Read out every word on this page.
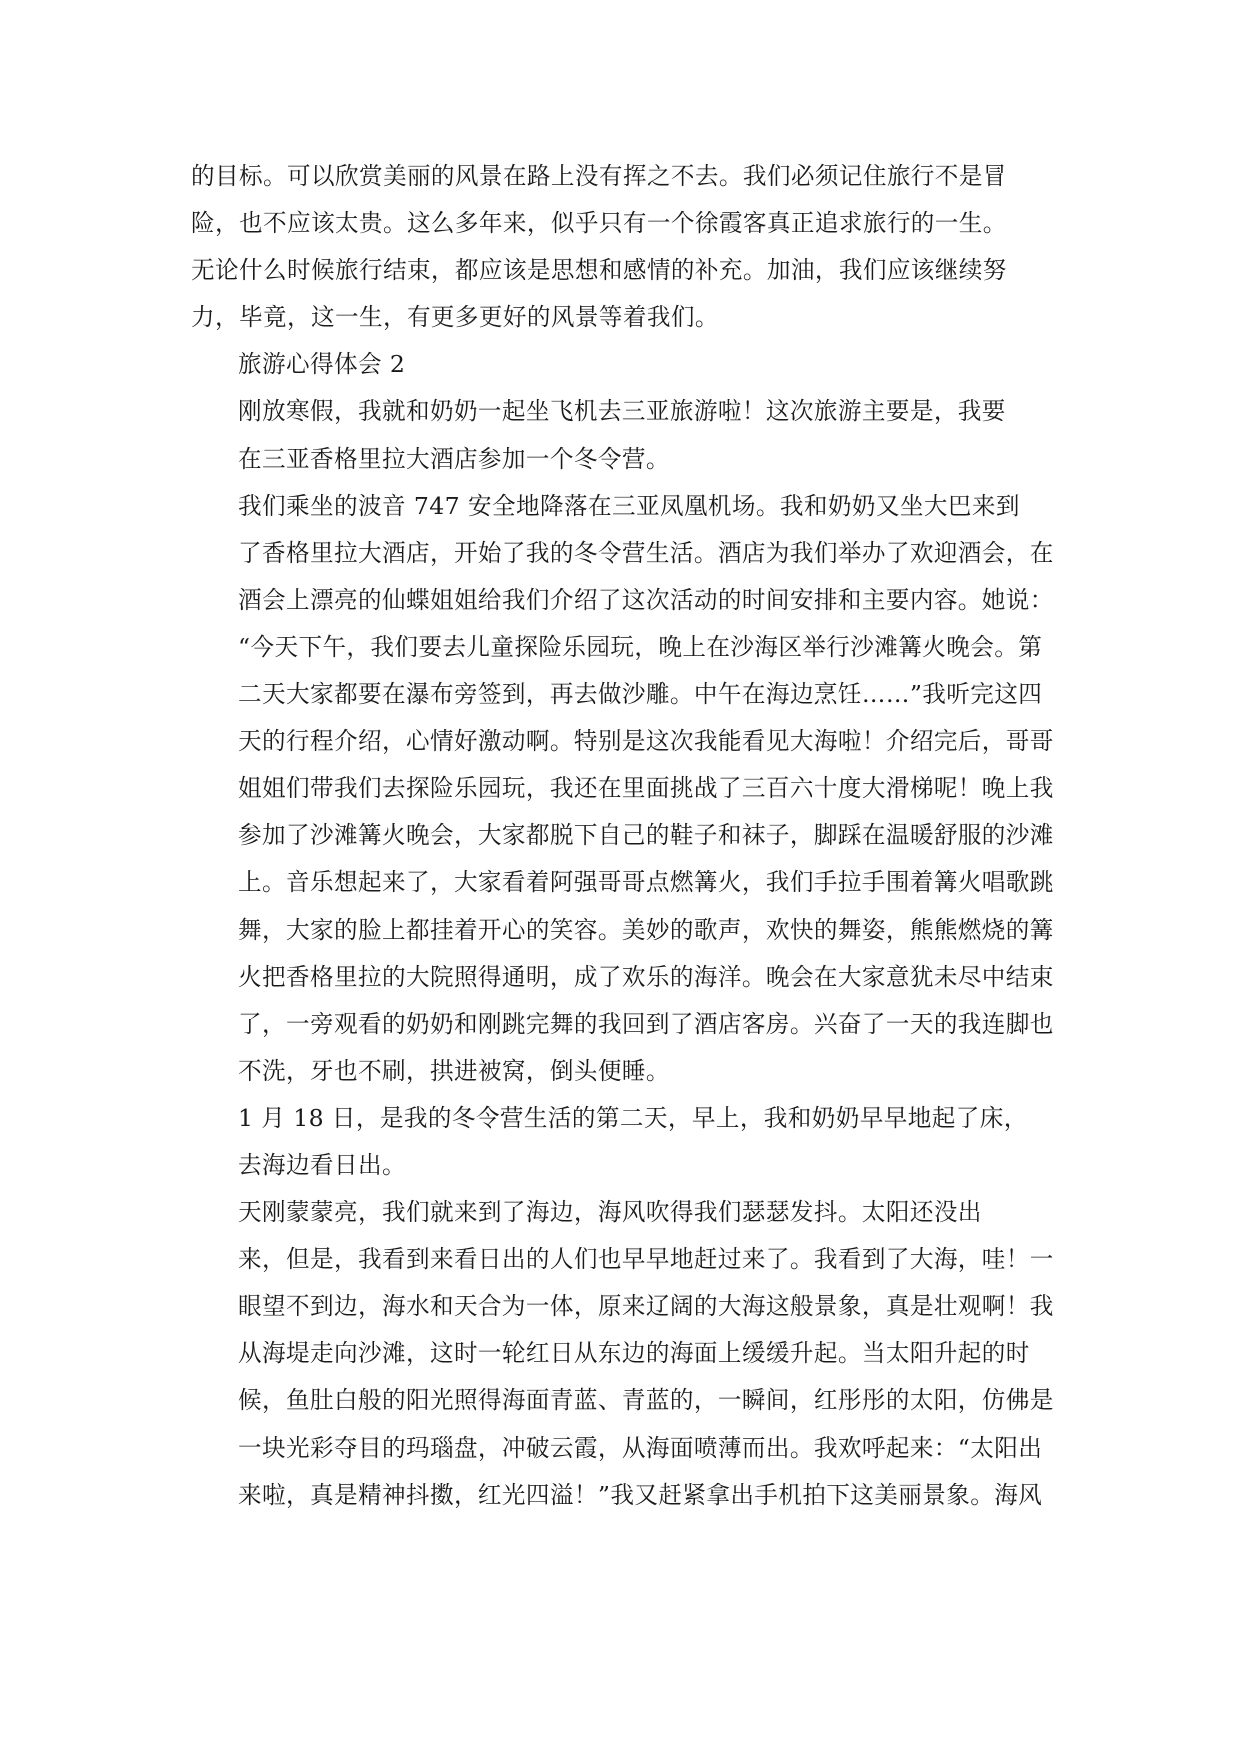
的目标。可以欣赏美丽的风景在路上没有挥之不去。我们必须记住旅行不是冒
险，也不应该太贵。这么多年来，似乎只有一个徐霞客真正追求旅行的一生。
无论什么时候旅行结束，都应该是思想和感情的补充。加油，我们应该继续努
力，毕竟，这一生，有更多更好的风景等着我们。

旅游心得体会 2

刚放寒假，我就和奶奶一起坐飞机去三亚旅游啦！这次旅游主要是，我要
在三亚香格里拉大酒店参加一个冬令营。

我们乘坐的波音 747 安全地降落在三亚凤凰机场。我和奶奶又坐大巴来到
了香格里拉大酒店，开始了我的冬令营生活。酒店为我们举办了欢迎酒会，在
酒会上漂亮的仙蝶姐姐给我们介绍了这次活动的时间安排和主要内容。她说：
“今天下午，我们要去儿童探险乐园玩，晚上在沙海区举行沙滩篝火晚会。第
二天大家都要在瀑布旁签到，再去做沙雕。中午在海边烹饪……”我听完这四
天的行程介绍，心情好激动啊。特别是这次我能看见大海啦！介绍完后，哥哥
姐姐们带我们去探险乐园玩，我还在里面挑战了三百六十度大滑梯呢！晚上我
参加了沙滩篝火晚会，大家都脱下自己的鞋子和袜子，脚踩在温暖舒服的沙滩
上。音乐想起来了，大家看着阿强哥哥点燃篝火，我们手拉手围着篝火唱歌跳
舞，大家的脸上都挂着开心的笑容。美妙的歌声，欢快的舞姿，熊熊燃烧的篝
火把香格里拉的大院照得通明，成了欢乐的海洋。晚会在大家意犹未尽中结束
了，一旁观看的奶奶和刚跳完舞的我回到了酒店客房。兴奋了一天的我连脚也
不洗，牙也不刷，拱进被窝，倒头便睡。

1 月 18 日，是我的冬令营生活的第二天，早上，我和奶奶早早地起了床，
去海边看日出。

天刚蒙蒙亮，我们就来到了海边，海风吹得我们瑟瑟发抖。太阳还没出
来，但是，我看到来看日出的人们也早早地赶过来了。我看到了大海，哇！一
眼望不到边，海水和天合为一体，原来辽阔的大海这般景象，真是壮观啊！我
从海堤走向沙滩，这时一轮红日从东边的海面上缓缓升起。当太阳升起的时
候，鱼肚白般的阳光照得海面青蓝、青蓝的，一瞬间，红彤彤的太阳，仿佛是
一块光彩夺目的玛瑙盘，冲破云霞，从海面喷薄而出。我欢呼起来：“太阳出
来啦，真是精神抖擞，红光四溢！”我又赶紧拿出手机拍下这美丽景象。海风
